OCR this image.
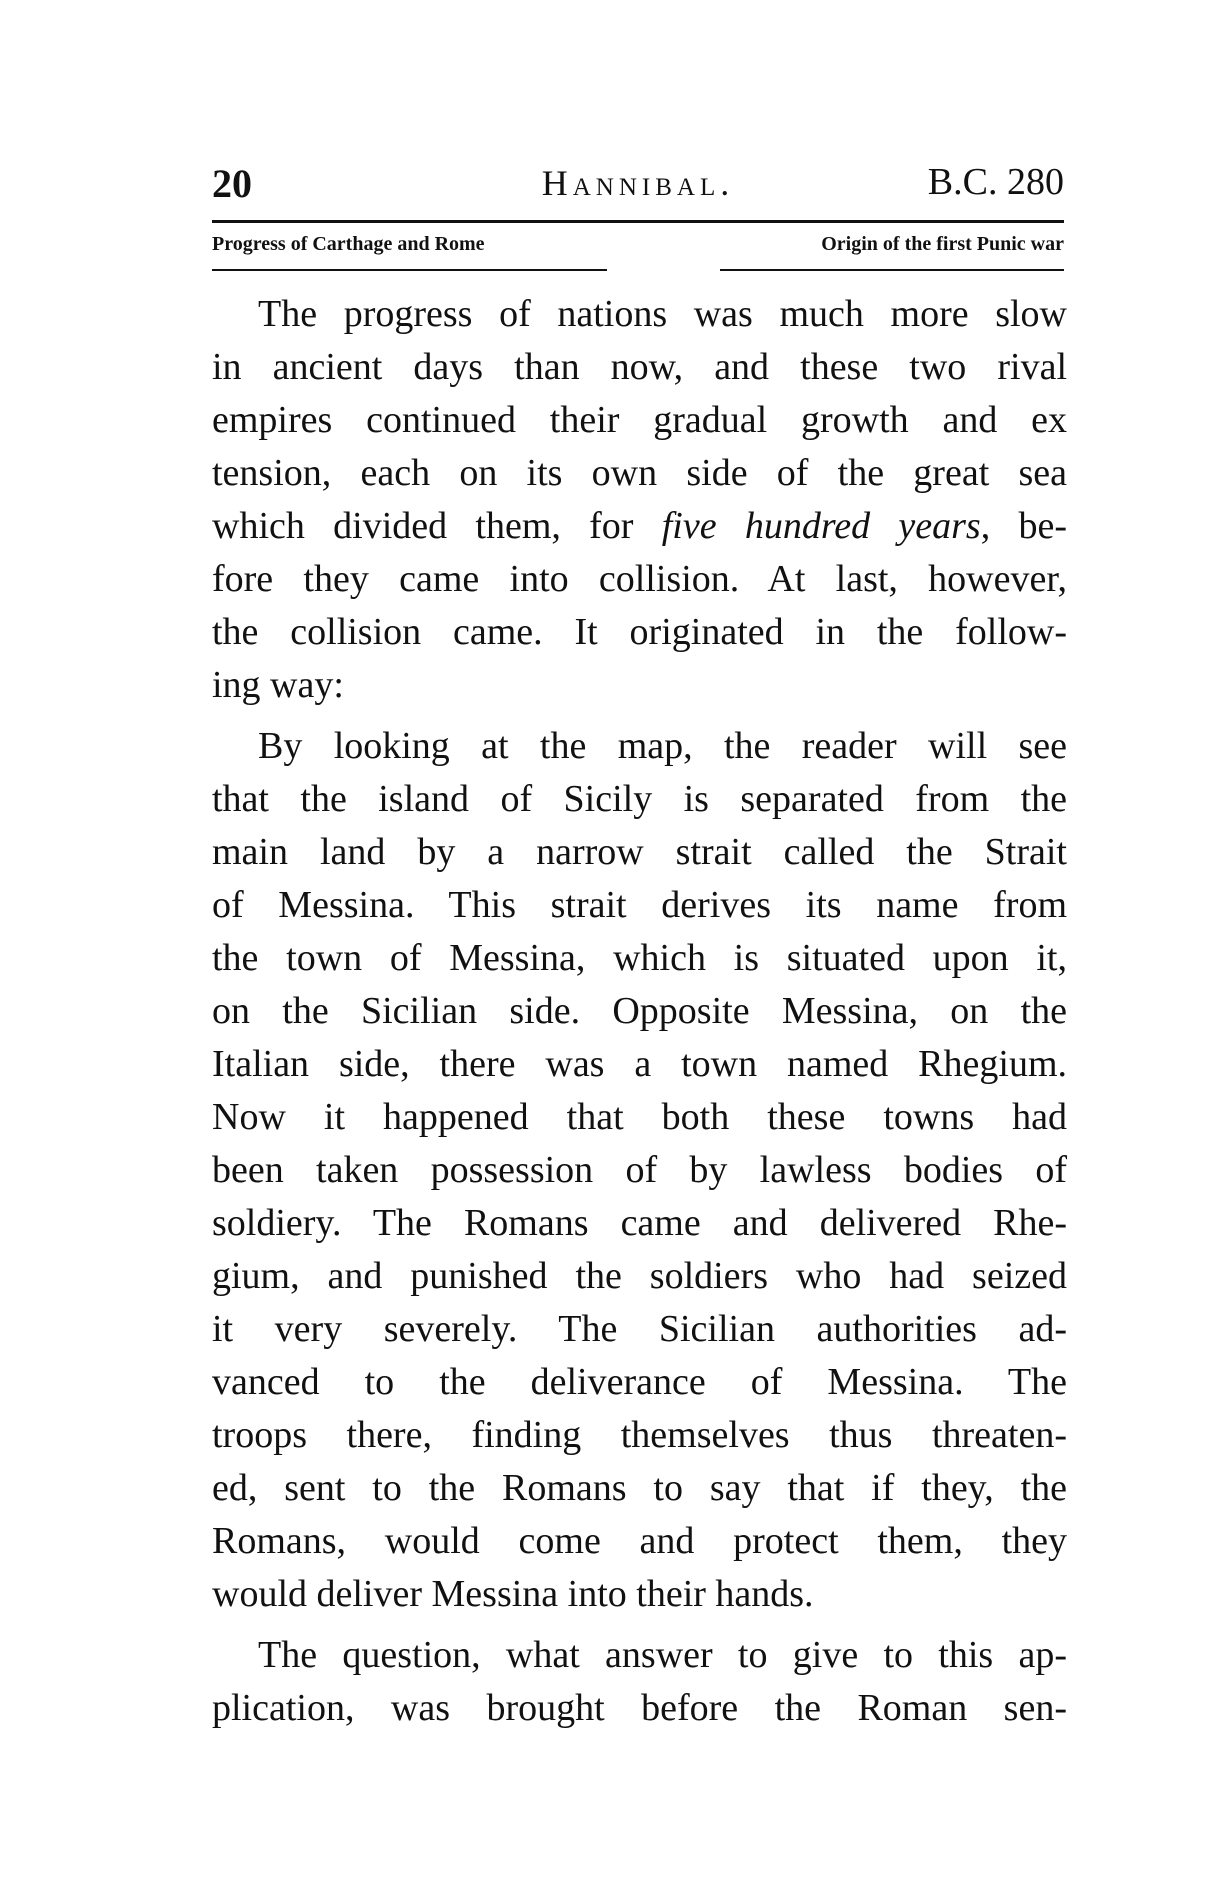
20	Hannibal.	B.C. 280
Progress of Carthage and Rome	Origin of the first Punic war
The progress of nations was much more slow
in ancient days than now, and these two rival
empires continued their gradual growth and ex
tension, each on its own side of the great sea
which divided them, for five hundred years, be-
fore they came into collision. At last, however,
the collision came. It originated in the follow-
ing way:
By looking at the map, the reader will see
that the island of Sicily is separated from the
main land by a narrow strait called the Strait
of Messina. This strait derives its name from
the town of Messina, which is situated upon it,
on the Sicilian side. Opposite Messina, on the
Italian side, there was a town named Rhegium.
Now it happened that both these towns had
been taken possession of by lawless bodies of
soldiery. The Romans came and delivered Rhe-
gium, and punished the soldiers who had seized
it very severely. The Sicilian authorities ad-
vanced to the deliverance of Messina. The
troops there, finding themselves thus threaten-
ed, sent to the Romans to say that if they, the
Romans, would come and protect them, they
would deliver Messina into their hands.
The question, what answer to give to this ap-
plication, was brought before the Roman sen-
